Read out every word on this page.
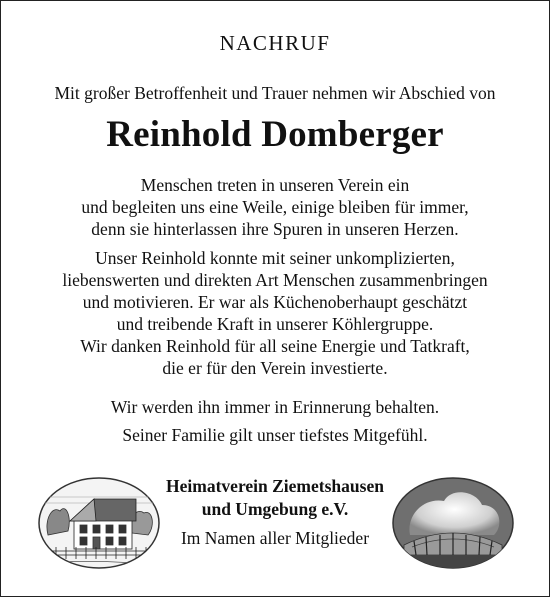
NACHRUF
Mit großer Betroffenheit und Trauer nehmen wir Abschied von
Reinhold Domberger
Menschen treten in unseren Verein ein
und begleiten uns eine Weile, einige bleiben für immer,
denn sie hinterlassen ihre Spuren in unseren Herzen.
Unser Reinhold konnte mit seiner unkomplizierten,
liebenswerten und direkten Art Menschen zusammenbringen
und motivieren. Er war als Küchenoberhaupt geschätzt
und treibende Kraft in unserer Köhlergruppe.
Wir danken Reinhold für all seine Energie und Tatkraft,
die er für den Verein investierte.
Wir werden ihn immer in Erinnerung behalten.
Seiner Familie gilt unser tiefstes Mitgefühl.
Heimatverein Ziemetshausen
und Umgebung e.V.
Im Namen aller Mitglieder
